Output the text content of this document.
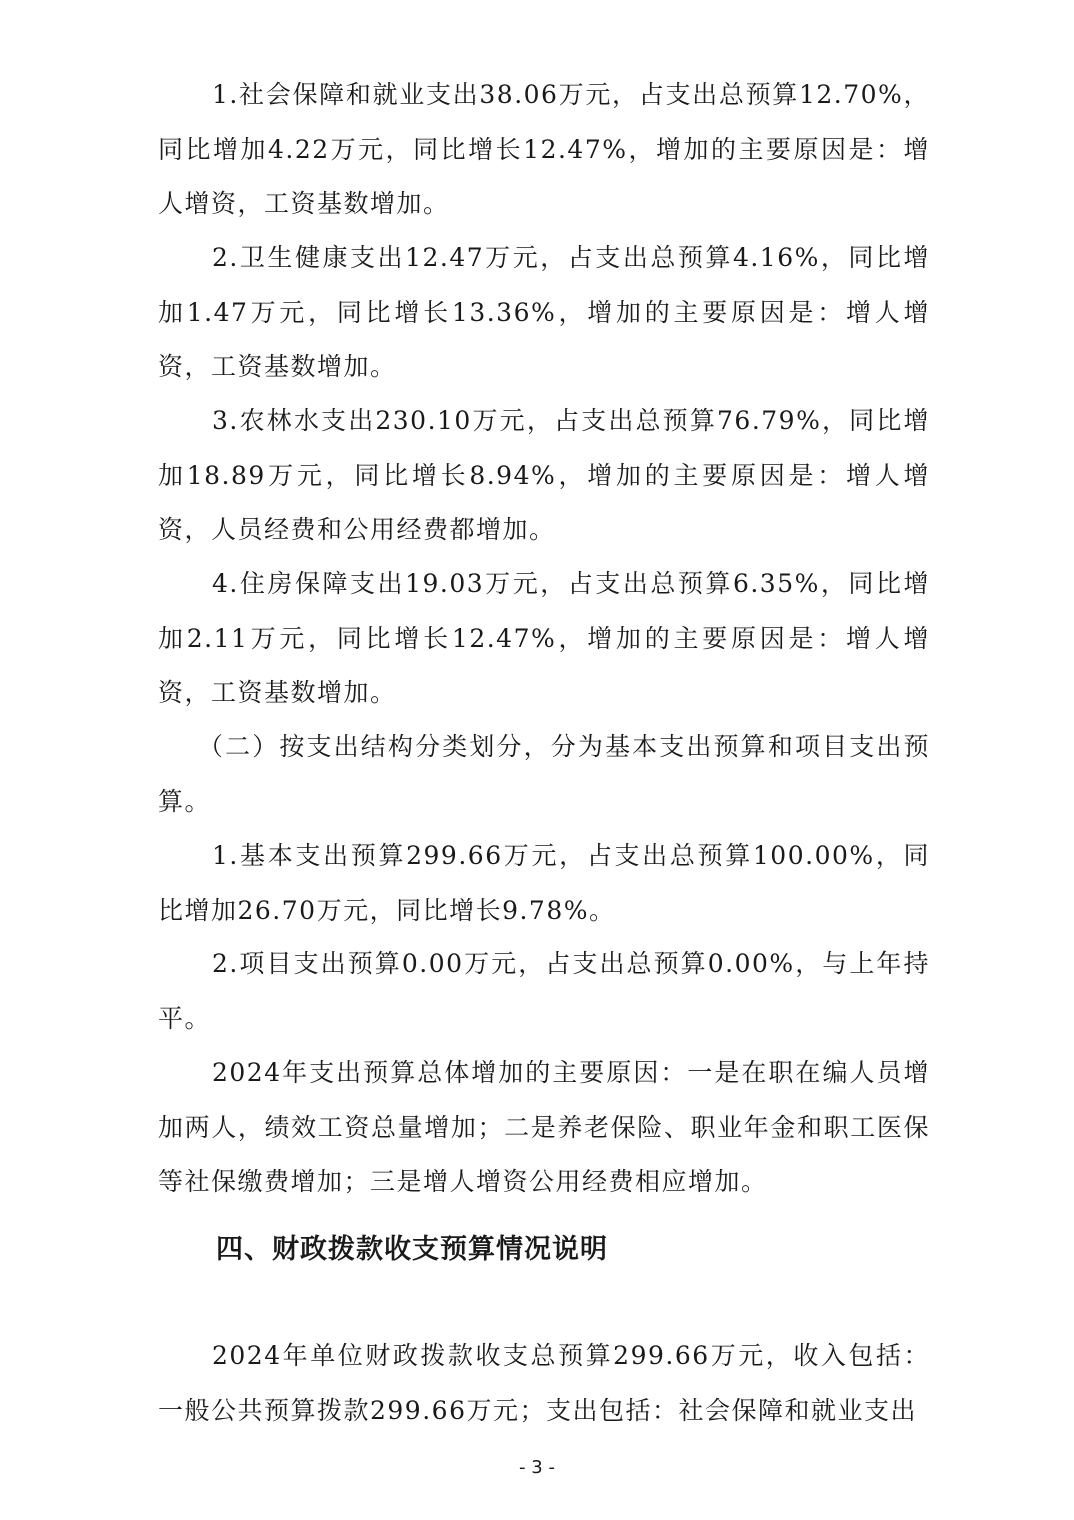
1.社会保障和就业支出38.06万元，占支出总预算12.70%，同比增加4.22万元，同比增长12.47%，增加的主要原因是：增人增资，工资基数增加。

2.卫生健康支出12.47万元，占支出总预算4.16%，同比增加1.47万元，同比增长13.36%，增加的主要原因是：增人增资，工资基数增加。

3.农林水支出230.10万元，占支出总预算76.79%，同比增加18.89万元，同比增长8.94%，增加的主要原因是：增人增资，人员经费和公用经费都增加。

4.住房保障支出19.03万元，占支出总预算6.35%，同比增加2.11万元，同比增长12.47%，增加的主要原因是：增人增资，工资基数增加。

（二）按支出结构分类划分，分为基本支出预算和项目支出预算。

1.基本支出预算299.66万元，占支出总预算100.00%，同比增加26.70万元，同比增长9.78%。

2.项目支出预算0.00万元，占支出总预算0.00%，与上年持平。

2024年支出预算总体增加的主要原因：一是在职在编人员增加两人，绩效工资总量增加；二是养老保险、职业年金和职工医保等社保缴费增加；三是增人增资公用经费相应增加。

四、财政拨款收支预算情况说明

2024年单位财政拨款收支总预算299.66万元，收入包括：一般公共预算拨款299.66万元；支出包括：社会保障和就业支出

- 3 -
